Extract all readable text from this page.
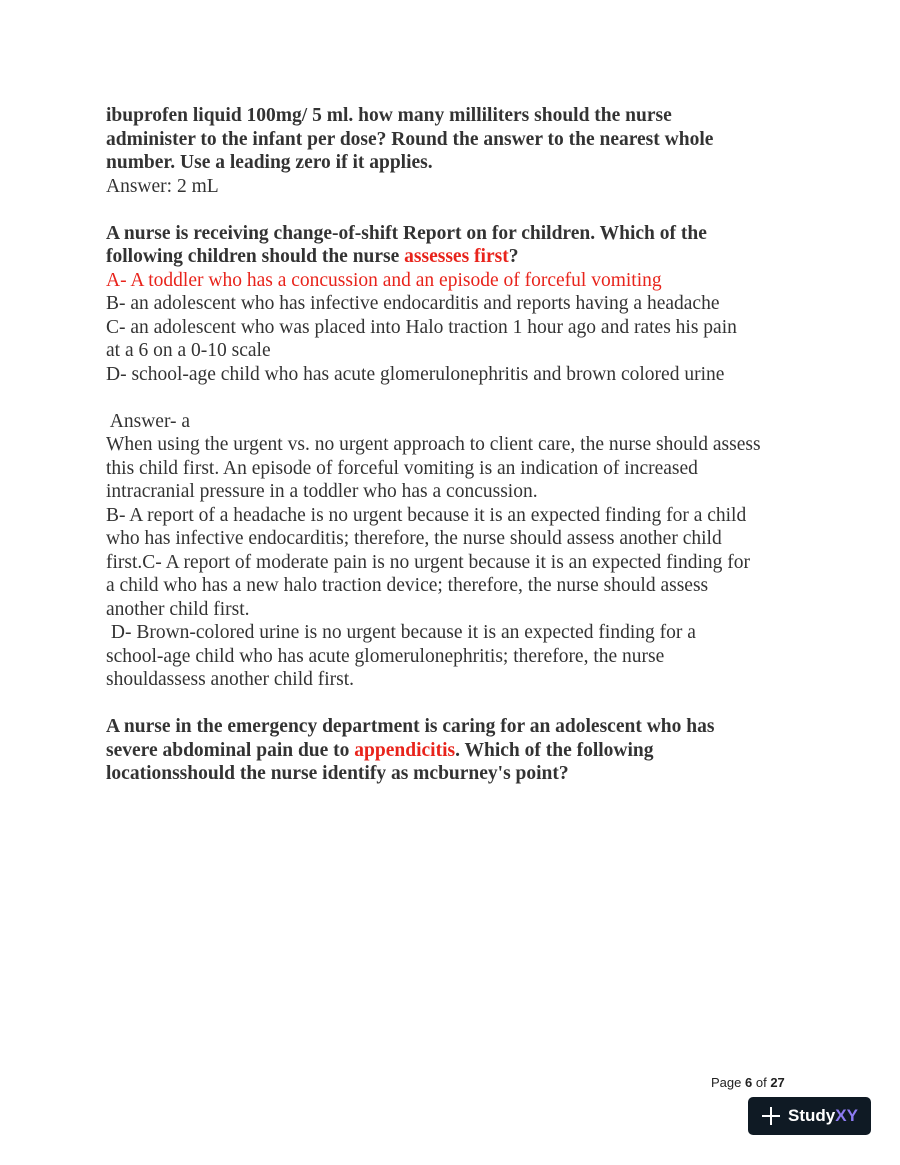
ibuprofen liquid 100mg/ 5 ml. how many milliliters should the nurse

administer to the infant per dose? Round the answer to the nearest whole

number. Use a leading zero if it applies.

Answer: 2 mL

A nurse is receiving change-of-shift Report on for children. Which of the

following children should the nurse assesses first?

A- A toddler who has a concussion and an episode of forceful vomiting

B- an adolescent who has infective endocarditis and reports having a headache

C- an adolescent who was placed into Halo traction 1 hour ago and rates his pain

at a 6 on a 0-10 scale

D- school-age child who has acute glomerulonephritis and brown colored urine

Answer- a

When using the urgent vs. no urgent approach to client care, the nurse should assess

this child first. An episode of forceful vomiting is an indication of increased

intracranial pressure in a toddler who has a concussion.

B- A report of a headache is no urgent because it is an expected finding for a child

who has infective endocarditis; therefore, the nurse should assess another child

first.C- A report of moderate pain is no urgent because it is an expected finding for

a child who has a new halo traction device; therefore, the nurse should assess

another child first.

D- Brown-colored urine is no urgent because it is an expected finding for a

school-age child who has acute glomerulonephritis; therefore, the nurse

shouldassess another child first.

A nurse in the emergency department is caring for an adolescent who has

severe abdominal pain due to appendicitis. Which of the following

locationsshould the nurse identify as mcburney's point?

Page 6 of 27
StudyXY
